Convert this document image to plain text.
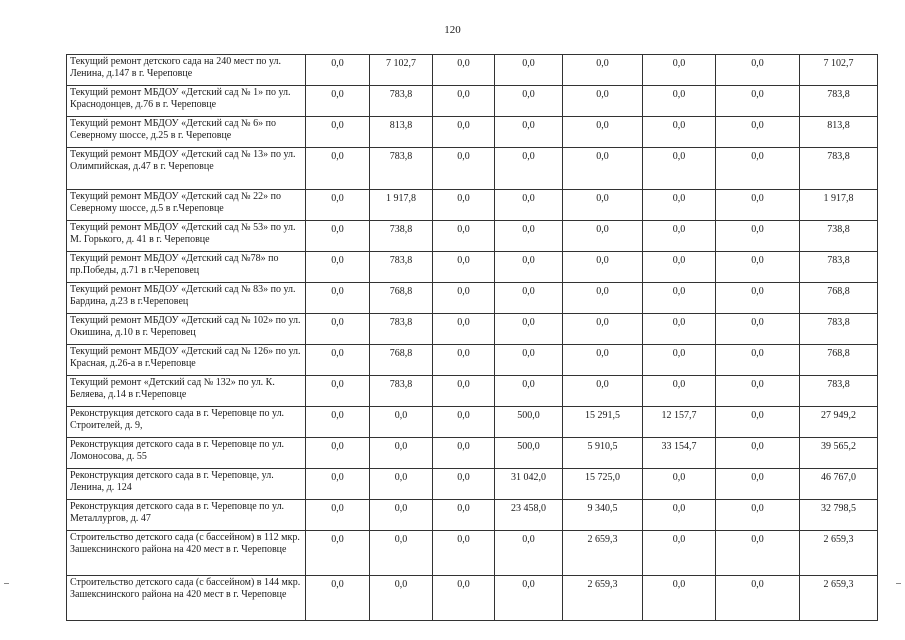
120
Текущий ремонт детского сада на 240 мест по ул. Ленина, д.147 в г. Череповце	0,0	7 102,7	0,0	0,0	0,0	0,0	0,0	7 102,7
Текущий ремонт МБДОУ «Детский сад № 1» по ул. Краснодонцев, д.76 в г. Череповце	0,0	783,8	0,0	0,0	0,0	0,0	0,0	783,8
Текущий ремонт МБДОУ «Детский сад № 6» по Северному шоссе, д.25 в г. Череповце	0,0	813,8	0,0	0,0	0,0	0,0	0,0	813,8
Текущий ремонт МБДОУ «Детский сад № 13» по ул. Олимпийская, д.47 в г. Череповце	0,0	783,8	0,0	0,0	0,0	0,0	0,0	783,8
Текущий ремонт МБДОУ «Детский сад № 22» по Северному шоссе, д.5 в г.Череповце	0,0	1 917,8	0,0	0,0	0,0	0,0	0,0	1 917,8
Текущий ремонт МБДОУ «Детский сад № 53» по ул. М. Горького, д. 41 в г. Череповце	0,0	738,8	0,0	0,0	0,0	0,0	0,0	738,8
Текущий ремонт МБДОУ «Детский сад №78» по пр.Победы, д.71 в г.Череповец	0,0	783,8	0,0	0,0	0,0	0,0	0,0	783,8
Текущий ремонт МБДОУ «Детский сад № 83» по ул. Бардина, д.23 в г.Череповец	0,0	768,8	0,0	0,0	0,0	0,0	0,0	768,8
Текущий ремонт МБДОУ «Детский сад № 102» по ул. Окишина, д.10 в г. Череповец	0,0	783,8	0,0	0,0	0,0	0,0	0,0	783,8
Текущий ремонт МБДОУ «Детский сад № 126» по ул. Красная, д.26-а в г.Череповце	0,0	768,8	0,0	0,0	0,0	0,0	0,0	768,8
Текущий ремонт «Детский сад № 132» по ул. К. Беляева, д.14 в г.Череповце	0,0	783,8	0,0	0,0	0,0	0,0	0,0	783,8
Реконструкция детского сада в г. Череповце по ул. Строителей, д. 9,	0,0	0,0	0,0	500,0	15 291,5	12 157,7	0,0	27 949,2
Реконструкция детского сада в г. Череповце по ул. Ломоносова, д. 55	0,0	0,0	0,0	500,0	5 910,5	33 154,7	0,0	39 565,2
Реконструкция детского сада в г. Череповце, ул. Ленина, д. 124	0,0	0,0	0,0	31 042,0	15 725,0	0,0	0,0	46 767,0
Реконструкция детского сада в г. Череповце по ул. Металлургов, д. 47	0,0	0,0	0,0	23 458,0	9 340,5	0,0	0,0	32 798,5
Строительство детского сада (с бассейном) в 112 мкр. Зашекснинского района на 420 мест в г. Череповце	0,0	0,0	0,0	0,0	2 659,3	0,0	0,0	2 659,3
Строительство детского сада (с бассейном) в 144 мкр. Зашекснинского района на 420 мест в г. Череповце	0,0	0,0	0,0	0,0	2 659,3	0,0	0,0	2 659,3
